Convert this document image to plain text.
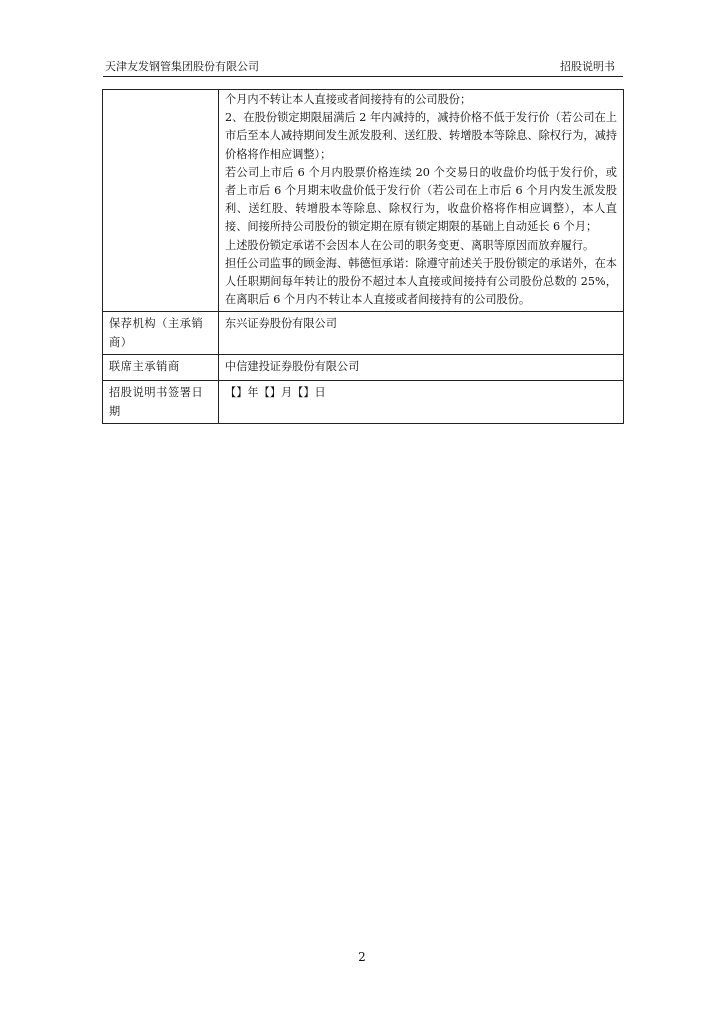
天津友发钢管集团股份有限公司	招股说明书

	个月内不转让本人直接或者间接持有的公司股份；
2、在股份锁定期限届满后 2 年内减持的，减持价格不低于发行价（若公司在上市后至本人减持期间发生派发股利、送红股、转增股本等除息、除权行为，减持价格将作相应调整）；
若公司上市后 6 个月内股票价格连续 20 个交易日的收盘价均低于发行价，或者上市后 6 个月期末收盘价低于发行价（若公司在上市后 6 个月内发生派发股利、送红股、转增股本等除息、除权行为，收盘价格将作相应调整），本人直接、间接所持公司股份的锁定期在原有锁定期限的基础上自动延长 6 个月；
上述股份锁定承诺不会因本人在公司的职务变更、离职等原因而放弃履行。
担任公司监事的顾金海、韩德恒承诺：除遵守前述关于股份锁定的承诺外，在本人任职期间每年转让的股份不超过本人直接或间接持有公司股份总数的 25%，在离职后 6 个月内不转让本人直接或者间接持有的公司股份。

保荐机构（主承销商）	东兴证券股份有限公司
联席主承销商	中信建投证券股份有限公司
招股说明书签署日期	【】年【】月【】日
2
